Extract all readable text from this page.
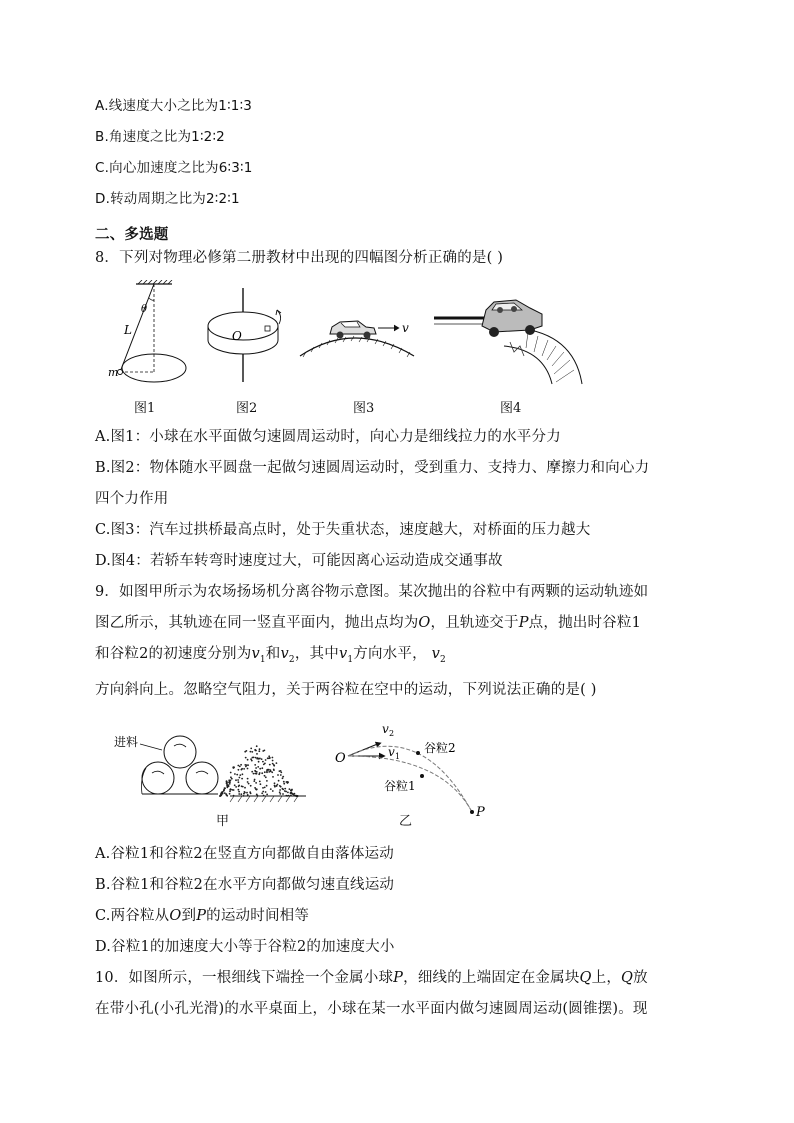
A.线速度大小之比为1∶1∶3
B.角速度之比为1∶2∶2
C.向心加速度之比为6∶3∶1
D.转动周期之比为2∶2∶1
二、多选题
8．下列对物理必修第二册教材中出现的四幅图分析正确的是( )
L
θ
m
图1
O
图2
v
图3	图4
A.图1：小球在水平面做匀速圆周运动时，向心力是细线拉力的水平分力
B.图2：物体随水平圆盘一起做匀速圆周运动时，受到重力、支持力、摩擦力和向心力
四个力作用
C.图3：汽车过拱桥最高点时，处于失重状态，速度越大，对桥面的压力越大
D.图4：若轿车转弯时速度过大，可能因离心运动造成交通事故
9．如图甲所示为农场扬场机分离谷物示意图。某次抛出的谷粒中有两颗的运动轨迹如
图乙所示，其轨迹在同一竖直平面内，抛出点均为O，且轨迹交于P点，抛出时谷粒1
和谷粒2的初速度分别为$v_1$和$v_2$，其中$v_1$方向水平， $v_2$
方向斜向上。忽略空气阻力，关于两谷粒在空中的运动，下列说法正确的是( )
进料
甲
O
v 2
v 1
谷粒2
谷粒1
P
乙
A.谷粒1和谷粒2在竖直方向都做自由落体运动
B.谷粒1和谷粒2在水平方向都做匀速直线运动
C.两谷粒从O到P的运动时间相等
D.谷粒1的加速度大小等于谷粒2的加速度大小
10．如图所示，一根细线下端拴一个金属小球P，细线的上端固定在金属块Q上，Q放
在带小孔(小孔光滑)的水平桌面上，小球在某一水平面内做匀速圆周运动(圆锥摆)。现
